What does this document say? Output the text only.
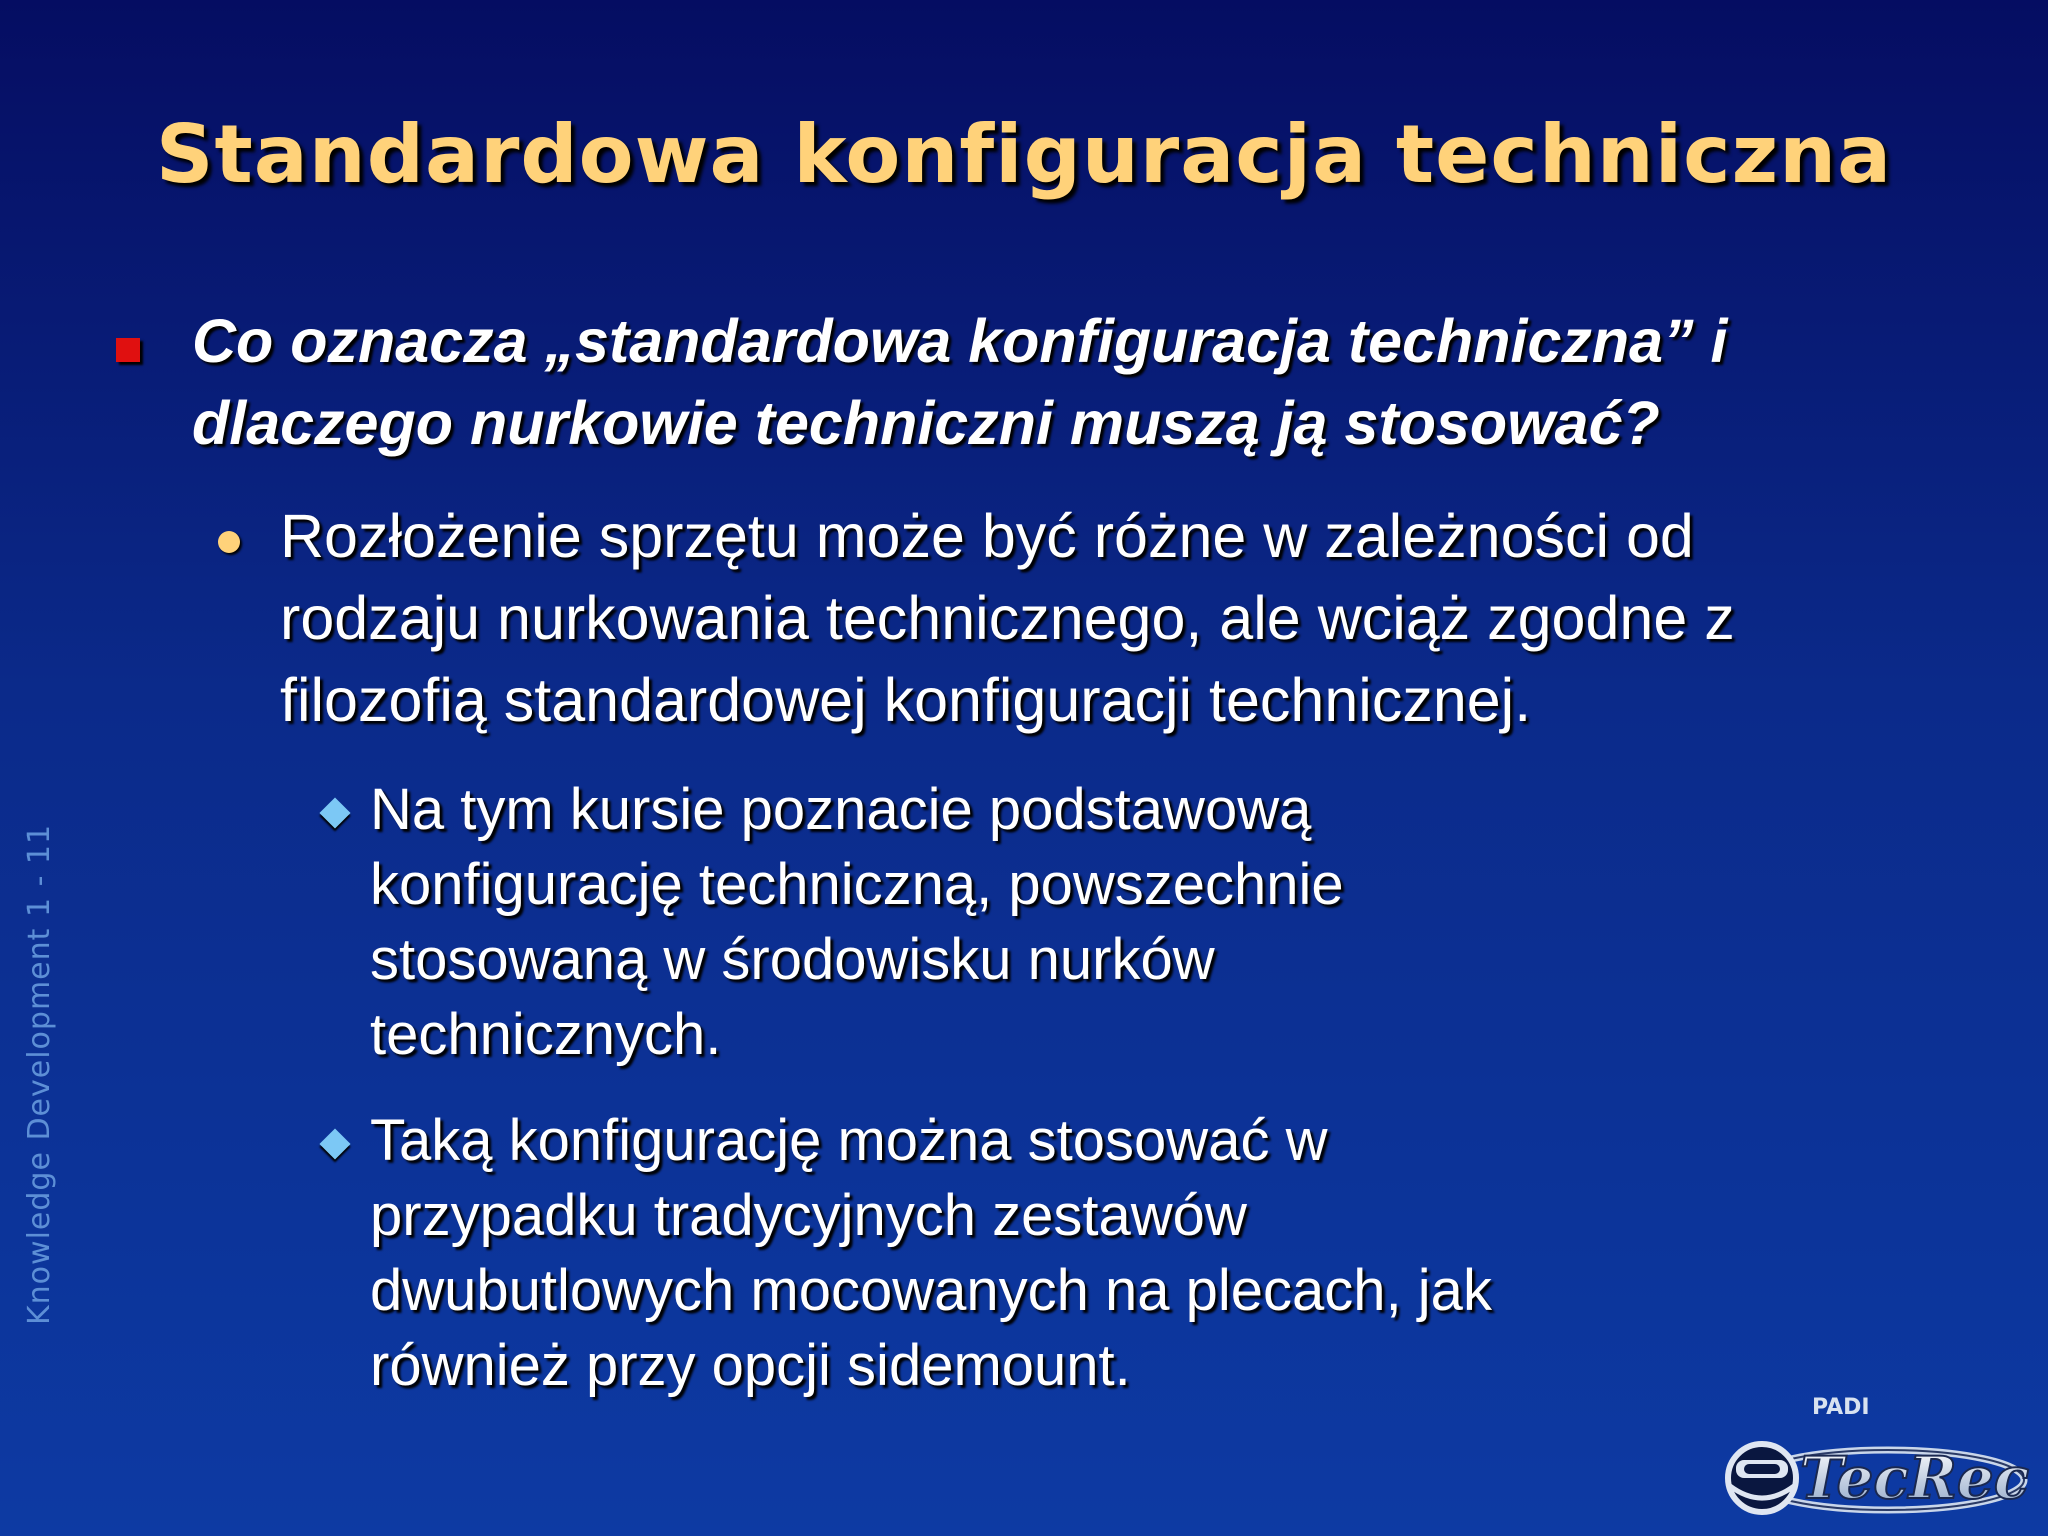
Standardowa konfiguracja techniczna
Co oznacza „standardowa konfiguracja techniczna” i dlaczego nurkowie techniczni muszą ją stosować?
Rozłożenie sprzętu może być różne w zależności od rodzaju nurkowania technicznego, ale wciąż zgodne z filozofią standardowej konfiguracji technicznej.
Na tym kursie poznacie podstawową konfigurację techniczną, powszechnie stosowaną w środowisku nurków technicznych.
Taką konfigurację można stosować w przypadku tradycyjnych zestawów dwubutlowych mocowanych na plecach, jak również przy opcji sidemount.
Knowledge Development 1 - 11
TecRec
PADI
